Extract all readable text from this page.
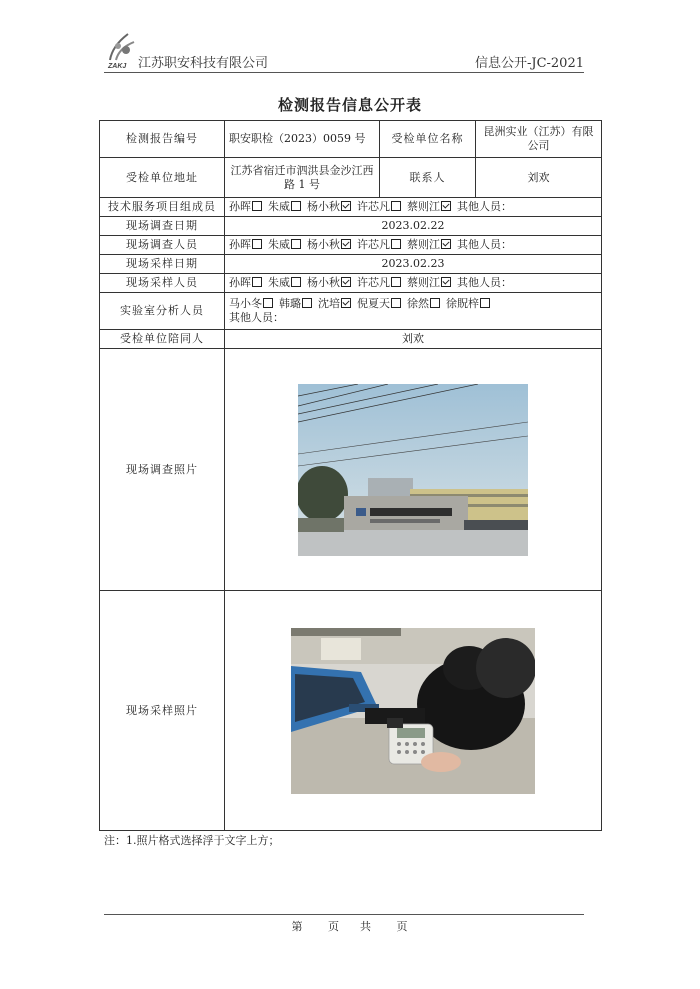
ZAKJ 江苏职安科技有限公司	信息公开-JC-2021
检测报告信息公开表
检测报告编号	职安职检（2023）0059 号	受检单位名称	昆洲实业（江苏）有限公司
受检单位地址	江苏省宿迁市泗洪县金沙江西路 1 号	联系人	刘欢
技术服务项目组成员	孙晖 朱威 杨小秋 许芯凡 蔡则江 其他人员：		
现场调查日期	2023.02.22		
现场调查人员	孙晖 朱威 杨小秋 许芯凡 蔡则江 其他人员：		
现场采样日期	2023.02.23		
现场采样人员	孙晖 朱威 杨小秋 许芯凡 蔡则江 其他人员：		
实验室分析人员	马小冬 韩璐 沈培 倪夏天 徐然 徐貺梓
其他人员：		
受检单位陪同人	刘欢		
现场调查照片	

现场采样照片	
注：1.照片格式选择浮于文字上方；
第 页 共 页
